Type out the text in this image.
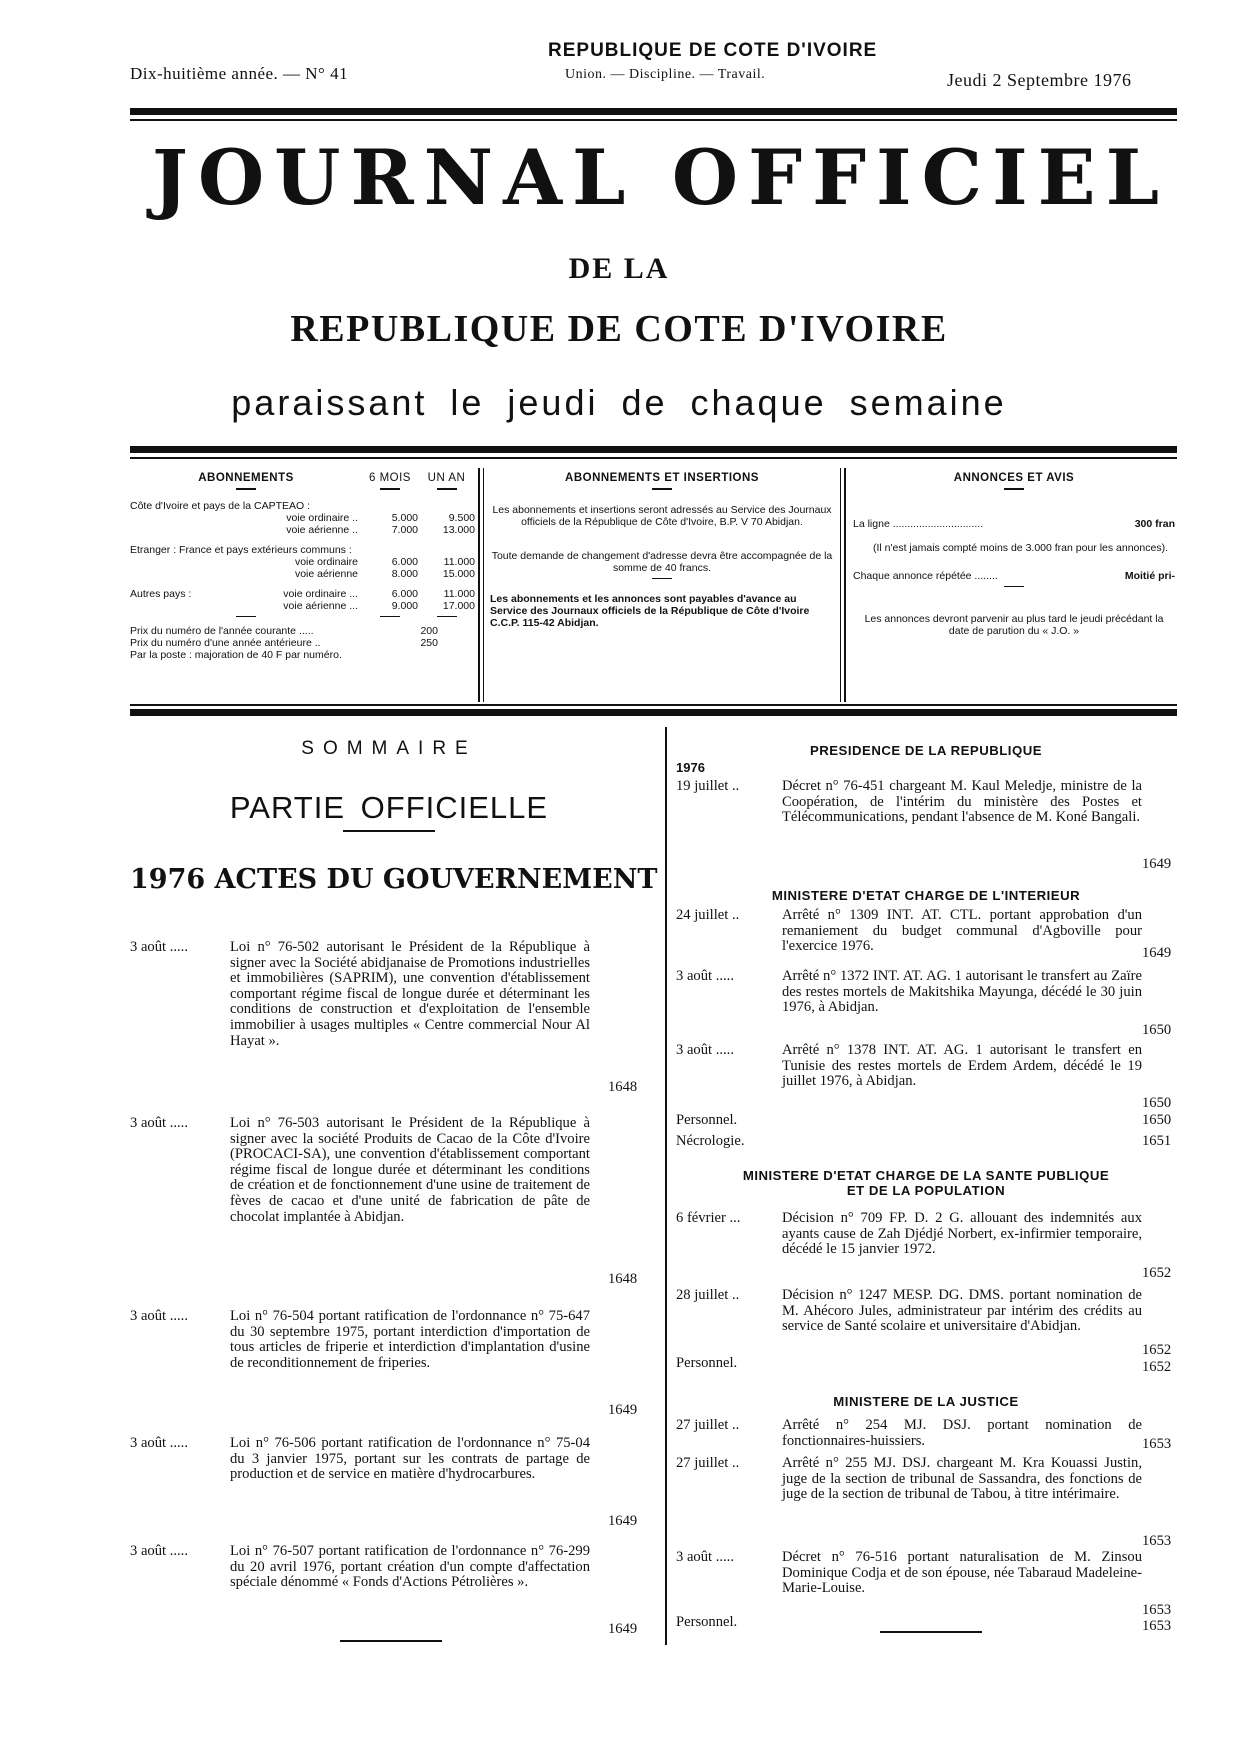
Dix-huitième année. — N° 41
REPUBLIQUE DE COTE D'IVOIRE
Union. — Discipline. — Travail.	Jeudi 2 Septembre 1976
JOURNAL OFFICIEL
DE LA
REPUBLIQUE DE COTE D'IVOIRE
paraissant le jeudi de chaque semaine
ABONNEMENTS	6 MOIS	UN AN
Côte d'Ivoire et pays de la CAPTEAO :
voie ordinaire ..	5.000	9.500
voie aérienne ..	7.000	13.000
Etranger : France et pays extérieurs communs :
voie ordinaire	6.000	11.000
voie aérienne	8.000	15.000
Autres pays :	voie ordinaire ...	6.000	11.000
voie aérienne ...	9.000	17.000
Prix du numéro de l'année courante .....	200
Prix du numéro d'une année antérieure ..	250
Par la poste : majoration de 40 F par numéro.
ABONNEMENTS ET INSERTIONS
Les abonnements et insertions seront adressés au Service des Journaux officiels de la République de Côte d'Ivoire, B.P. V 70 Abidjan.
Toute demande de changement d'adresse devra être accompagnée de la somme de 40 francs.
Les abonnements et les annonces sont payables d'avance au Service des Journaux officiels de la République de Côte d'Ivoire C.C.P. 115-42 Abidjan.
ANNONCES ET AVIS
La ligne ...............................	300 fran
(Il n'est jamais compté moins de 3.000 fran pour les annonces).
Chaque annonce répétée ........	Moitié pri-
Les annonces devront parvenir au plus tard le jeudi précédant la date de parution du « J.O. »
SOMMAIRE
PARTIE OFFICIELLE
1976 ACTES DU GOUVERNEMENT
3 août .....	Loi n° 76-502 autorisant le Président de la République à signer avec la Société abidjanaise de Promotions industrielles et immobilières (SAPRIM), une convention d'établissement comportant régime fiscal de longue durée et déterminant les conditions de construction et d'exploitation de l'ensemble immobilier à usages multiples « Centre commercial Nour Al Hayat ».
1648
3 août .....	Loi n° 76-503 autorisant le Président de la République à signer avec la société Produits de Cacao de la Côte d'Ivoire (PROCACI-SA), une convention d'établissement comportant régime fiscal de longue durée et déterminant les conditions de création et de fonctionnement d'une usine de traitement de fèves de cacao et d'une unité de fabrication de pâte de chocolat implantée à Abidjan.
1648
3 août .....	Loi n° 76-504 portant ratification de l'ordonnance n° 75-647 du 30 septembre 1975, portant interdiction d'importation de tous articles de friperie et interdiction d'implantation d'usine de reconditionnement de friperies.
1649
3 août .....	Loi n° 76-506 portant ratification de l'ordonnance n° 75-04 du 3 janvier 1975, portant sur les contrats de partage de production et de service en matière d'hydrocarbures.
1649
3 août .....	Loi n° 76-507 portant ratification de l'ordonnance n° 76-299 du 20 avril 1976, portant création d'un compte d'affectation spéciale dénommé « Fonds d'Actions Pétrolières ».
1649
PRESIDENCE DE LA REPUBLIQUE
1976
19 juillet ..	Décret n° 76-451 chargeant M. Kaul Meledje, ministre de la Coopération, de l'intérim du ministère des Postes et Télécommunications, pendant l'absence de M. Koné Bangali.
1649
MINISTERE D'ETAT CHARGE DE L'INTERIEUR
24 juillet ..	Arrêté n° 1309 INT. AT. CTL. portant approbation d'un remaniement du budget communal d'Agboville pour l'exercice 1976.	1649
3 août .....	Arrêté n° 1372 INT. AT. AG. 1 autorisant le transfert au Zaïre des restes mortels de Makitshika Mayunga, décédé le 30 juin 1976, à Abidjan.
1650
3 août .....	Arrêté n° 1378 INT. AT. AG. 1 autorisant le transfert en Tunisie des restes mortels de Erdem Ardem, décédé le 19 juillet 1976, à Abidjan.
1650
Personnel.	1650
Nécrologie.	1651
MINISTERE D'ETAT CHARGE DE LA SANTE PUBLIQUE
ET DE LA POPULATION
6 février ...	Décision n° 709 FP. D. 2 G. allouant des indemnités aux ayants cause de Zah Djédjé Norbert, ex-infirmier temporaire, décédé le 15 janvier 1972.
1652
28 juillet ..	Décision n° 1247 MESP. DG. DMS. portant nomination de M. Ahécoro Jules, administrateur par intérim des crédits au service de Santé scolaire et universitaire d'Abidjan.
1652
Personnel.	1652
MINISTERE DE LA JUSTICE
27 juillet ..	Arrêté n° 254 MJ. DSJ. portant nomination de fonctionnaires-huissiers.	1653
27 juillet ..	Arrêté n° 255 MJ. DSJ. chargeant M. Kra Kouassi Justin, juge de la section de tribunal de Sassandra, des fonctions de juge de la section de tribunal de Tabou, à titre intérimaire.
1653
3 août .....	Décret n° 76-516 portant naturalisation de M. Zinsou Dominique Codja et de son épouse, née Tabaraud Madeleine-Marie-Louise.
1653
Personnel.	1653
